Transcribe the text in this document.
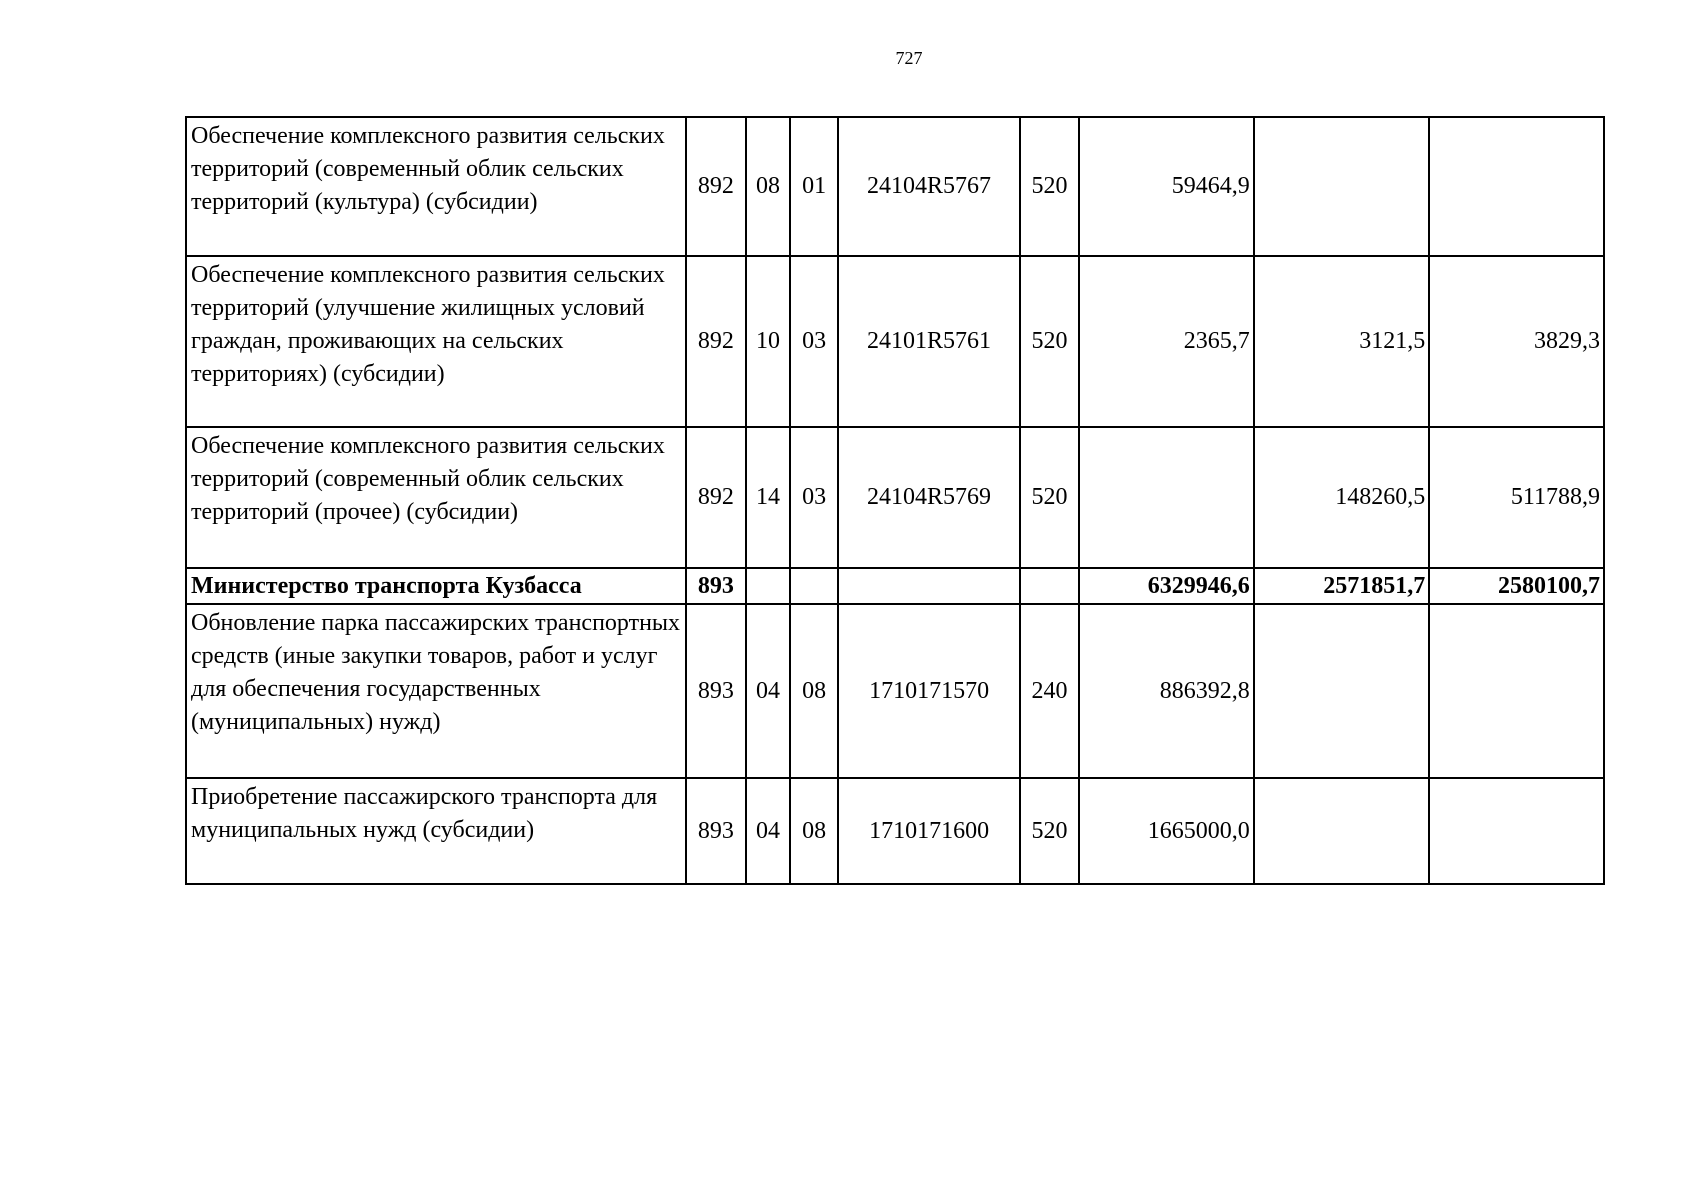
727
Обеспечение комплексного развития сельских территорий (современный облик сельских территорий (культура) (субсидии)	892	08	01	24104R5767	520	59464,9		
Обеспечение комплексного развития сельских территорий (улучшение жилищных условий граждан, проживающих на сельских территориях) (субсидии)	892	10	03	24101R5761	520	2365,7	3121,5	3829,3
Обеспечение комплексного развития сельских территорий (современный облик сельских территорий (прочее) (субсидии)	892	14	03	24104R5769	520		148260,5	511788,9
Министерство транспорта Кузбасса	893					6329946,6	2571851,7	2580100,7
Обновление парка пассажирских транспортных средств (иные закупки товаров, работ и услуг для обеспечения государственных (муниципальных) нужд)	893	04	08	1710171570	240	886392,8		
Приобретение пассажирского транспорта для муниципальных нужд (субсидии)	893	04	08	1710171600	520	1665000,0		
